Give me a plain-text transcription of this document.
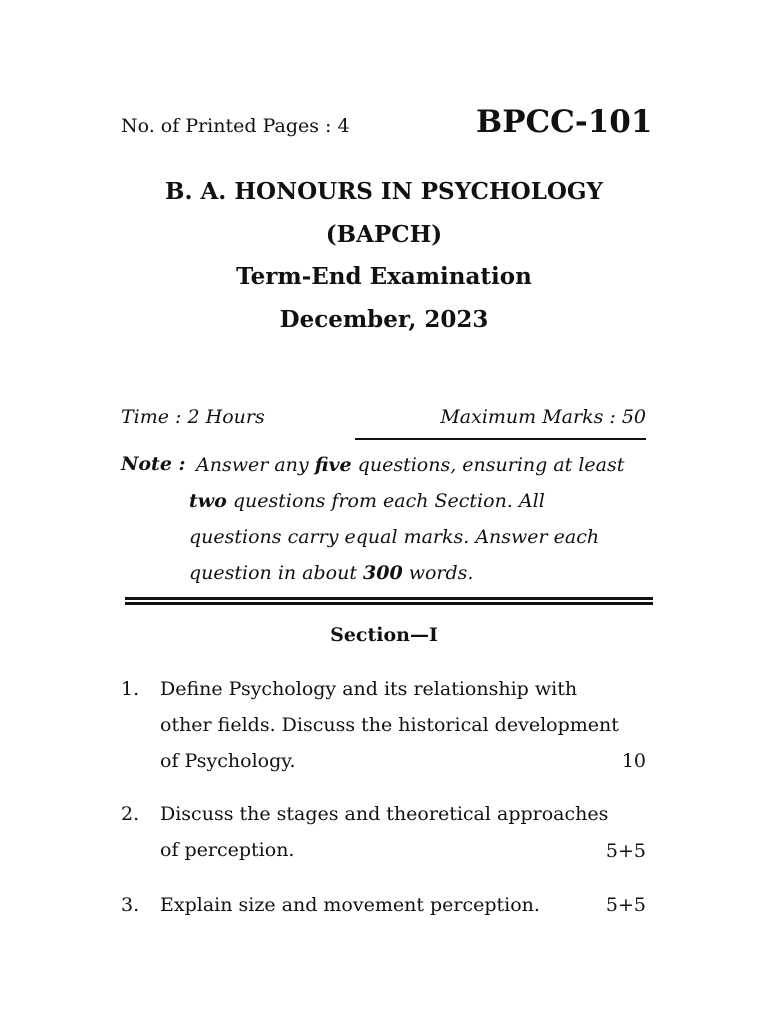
No. of Printed Pages : 4	BPCC-101
B. A. HONOURS IN PSYCHOLOGY
(BAPCH)
Term-End Examination
December, 2023
Time : 2 Hours	Maximum Marks : 50
Note : Answer any five questions, ensuring at least
two questions from each Section. All
questions carry equal marks. Answer each
question in about 300 words.
Section—I
1. Define Psychology and its relationship with
other fields. Discuss the historical development
of Psychology.	10
2. Discuss the stages and theoretical approaches
of perception.	5+5
3. Explain size and movement perception.	5+5
